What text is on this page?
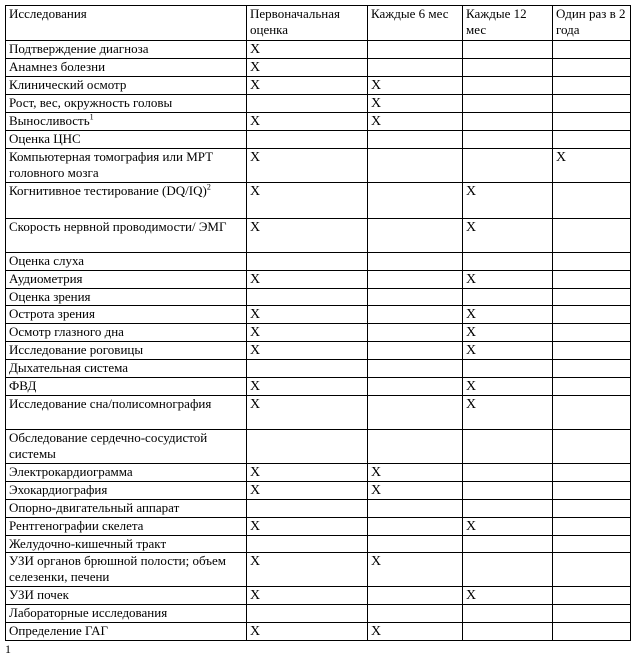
Исследования	Первоначальная оценка	Каждые 6 мес	Каждые 12 мес	Один раз в 2 года
Подтверждение диагноза	X			
Анамнез болезни	X			
Клинический осмотр	X	X		
Рост, вес, окружность головы		X		
Выносливость$^1$	X	X		
Оценка ЦНС				
Компьютерная томография или МРТ головного мозга	X			X
Когнитивное тестирование $(DQ/IQ)^2$	X		X	
Скорость нервной проводимости/ ЭМГ	X		X	
Оценка слуха				
Аудиометрия	X		X	
Оценка зрения				
Острота зрения	X		X	
Осмотр глазного дна	X		X	
Исследование роговицы	X		X	
Дыхательная система				
ФВД	X		X	
Исследование сна/полисомнография	X		X	
Обследование сердечно-сосудистой системы				
Электрокардиограмма	X	X		
Эхокардиография	X	X		
Опорно-двигательный аппарат				
Рентгенографии скелета	X		X	
Желудочно-кишечный тракт				
УЗИ органов брюшной полости; объем селезенки, печени	X	X		
УЗИ почек	X		X	
Лабораторные исследования				
Определение ГАГ	X	X		
1
